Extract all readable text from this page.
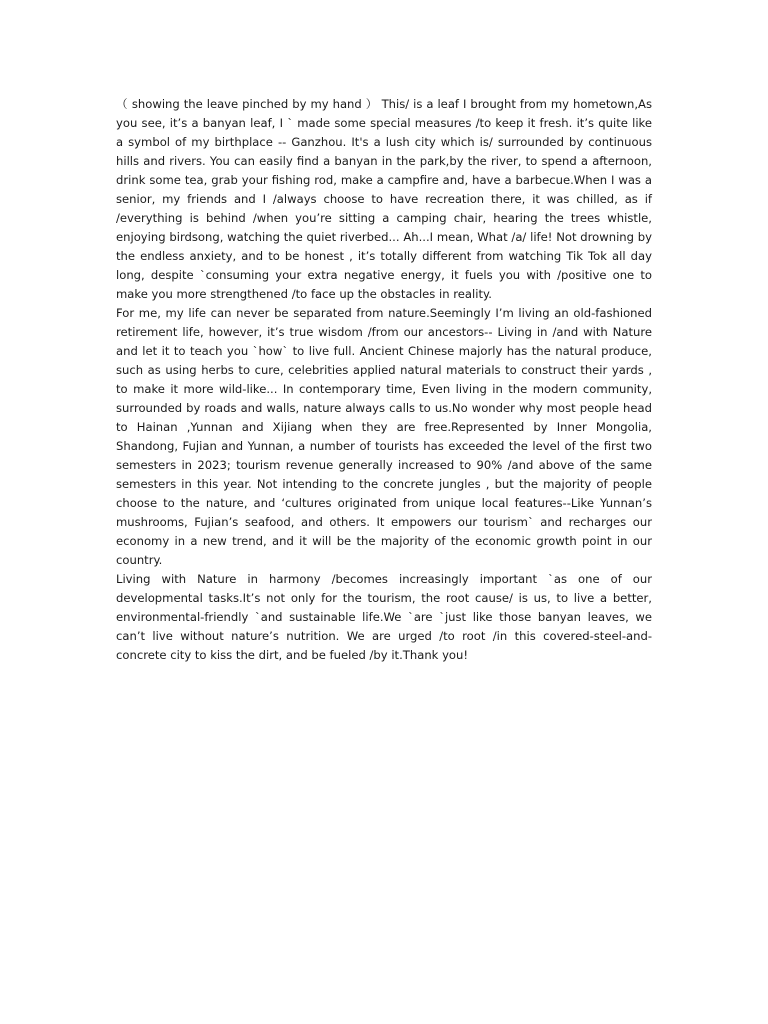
（ showing the leave pinched by my hand ） This/ is a leaf I brought from my hometown,As you see, it’s a banyan leaf, I ` made some special measures /to keep it fresh. it’s quite like a symbol of my birthplace -- Ganzhou. It's a lush city which is/ surrounded by continuous hills and rivers. You can easily find a banyan in the park,by the river, to spend a afternoon, drink some tea, grab your fishing rod, make a campfire and, have a barbecue.When I was a senior, my friends and I /always choose to have recreation there, it was chilled, as if /everything is behind /when you’re sitting a camping chair, hearing the trees whistle, enjoying birdsong, watching the quiet riverbed... Ah...I mean, What /a/ life! Not drowning by the endless anxiety, and to be honest , it’s totally different from watching Tik Tok all day long, despite `consuming your extra negative energy, it fuels you with /positive one to make you more strengthened /to face up the obstacles in reality.

For me, my life can never be separated from nature.Seemingly I’m living an old-fashioned retirement life, however, it’s true wisdom /from our ancestors-- Living in /and with Nature and let it to teach you `how` to live full. Ancient Chinese majorly has the natural produce, such as using herbs to cure, celebrities applied natural materials to construct their yards , to make it more wild-like... In contemporary time, Even living in the modern community, surrounded by roads and walls, nature always calls to us.No wonder why most people head to Hainan ,Yunnan and Xijiang when they are free.Represented by Inner Mongolia, Shandong, Fujian and Yunnan, a number of tourists has exceeded the level of the first two semesters in 2023; tourism revenue generally increased to 90% /and above of the same semesters in this year. Not intending to the concrete jungles , but the majority of people choose to the nature, and ‘cultures originated from unique local features--Like Yunnan’s mushrooms, Fujian’s seafood, and others. It empowers our tourism` and recharges our economy in a new trend, and it will be the majority of the economic growth point in our country.

Living with Nature in harmony /becomes increasingly important `as one of our developmental tasks.It’s not only for the tourism, the root cause/ is us, to live a better, environmental-friendly `and sustainable life.We `are `just like those banyan leaves, we can’t live without nature’s nutrition. We are urged /to root /in this covered-steel-and-concrete city to kiss the dirt, and be fueled /by it.Thank you!
